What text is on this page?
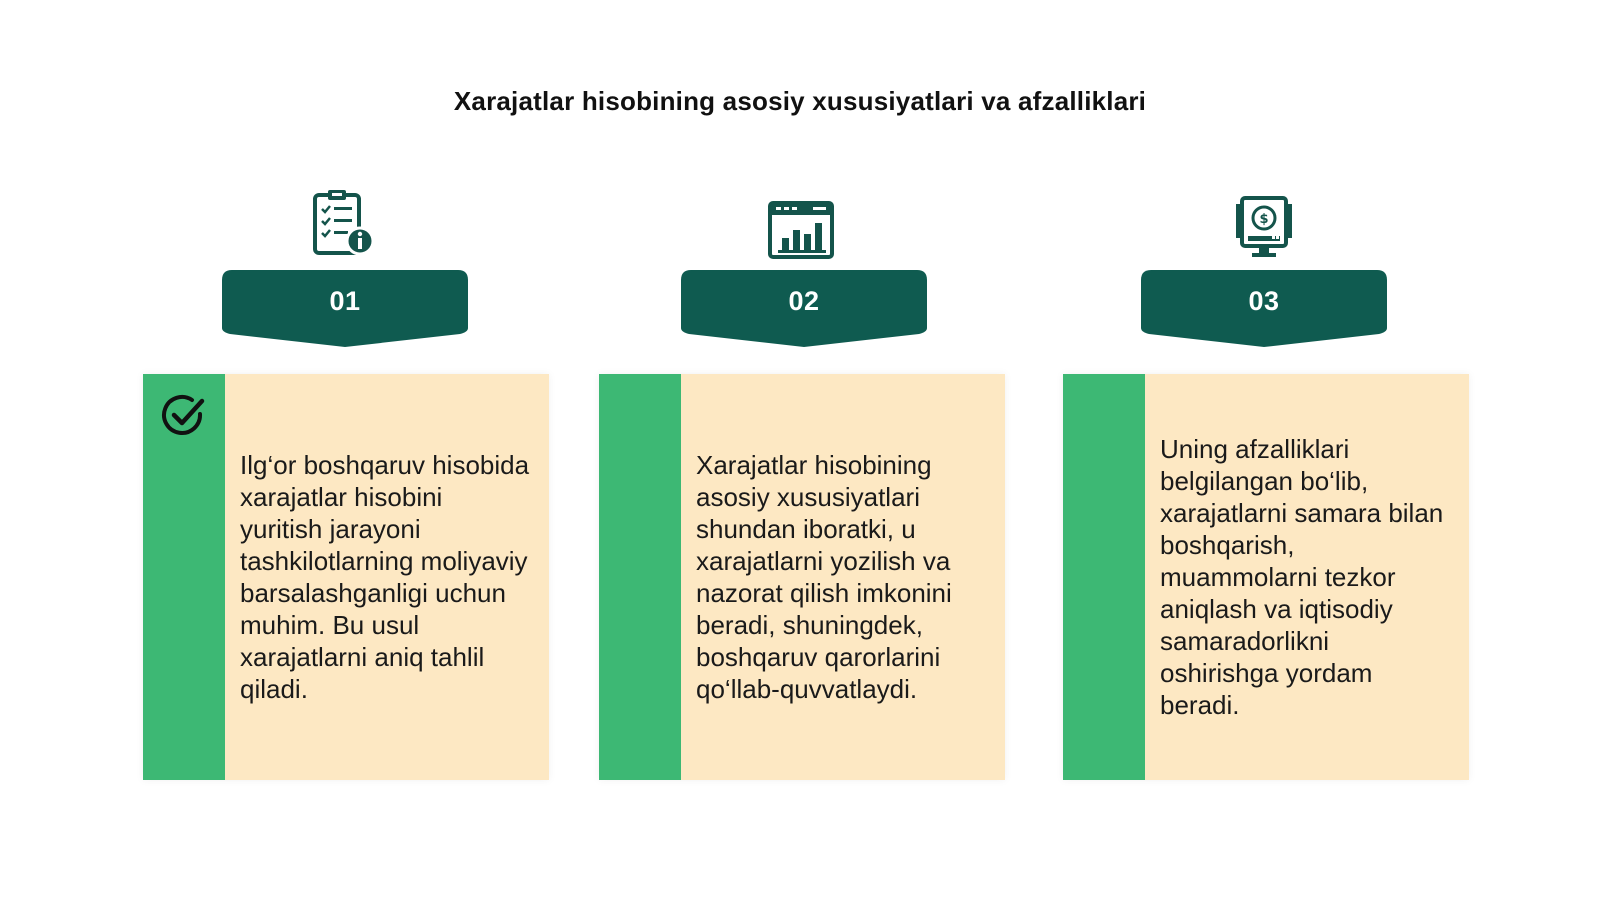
Xarajatlar hisobining asosiy xususiyatlari va afzalliklari
01
Ilg‘or boshqaruv hisobida xarajatlar hisobini yuritish jarayoni tashkilotlarning moliyaviy barsalashganligi uchun muhim. Bu usul xarajatlarni aniq tahlil qiladi.
02
Xarajatlar hisobining asosiy xususiyatlari shundan iboratki, u xarajatlarni yozilish va nazorat qilish imkonini beradi, shuningdek, boshqaruv qarorlarini qo‘llab-quvvatlaydi.
$
03
Uning afzalliklari belgilangan bo‘lib, xarajatlarni samara bilan boshqarish, muammolarni tezkor aniqlash va iqtisodiy samaradorlikni oshirishga yordam beradi.
